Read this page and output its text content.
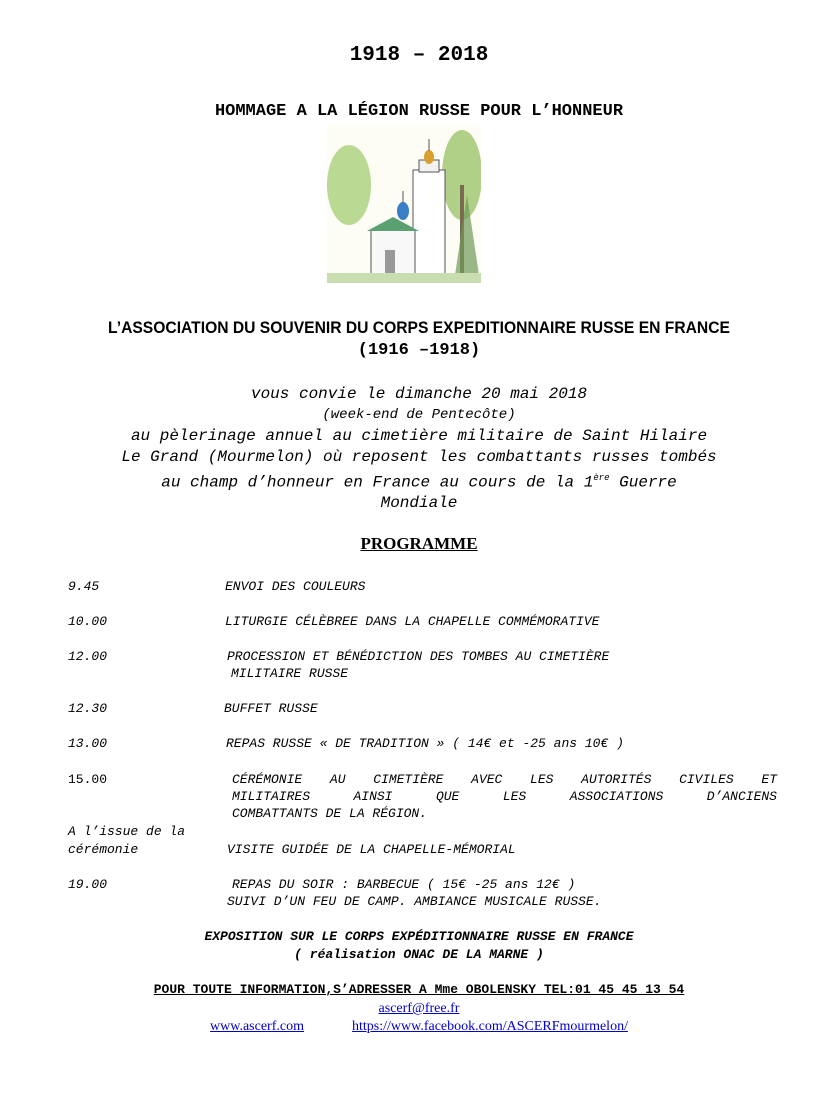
1918 – 2018
HOMMAGE A LA LÉGION RUSSE POUR L’HONNEUR
L’ASSOCIATION DU SOUVENIR DU CORPS EXPEDITIONNAIRE RUSSE EN FRANCE
(1916 –1918)
vous convie le dimanche 20 mai 2018
(week-end de Pentecôte)
au pèlerinage annuel au cimetière militaire de Saint Hilaire
Le Grand (Mourmelon) où reposent les combattants russes tombés
au champ d’honneur en France au cours de la 1ère Guerre
Mondiale
PROGRAMME
9.45	ENVOI DES COULEURS
10.00	LITURGIE CÉLÈBREE DANS LA CHAPELLE COMMÉMORATIVE
12.00	PROCESSION ET BÉNÉDICTION DES TOMBES AU CIMETIÈRE
MILITAIRE RUSSE
12.30	BUFFET RUSSE
13.00	REPAS RUSSE « DE TRADITION » ( 14€ et -25 ans 10€ )
15.00	CÉRÉMONIE AU CIMETIÈRE AVEC LES AUTORITÉS CIVILES ET
MILITAIRES AINSI QUE LES ASSOCIATIONS D’ANCIENS
COMBATTANTS DE LA RÉGION.
A l’issue de la
cérémonie	VISITE GUIDÉE DE LA CHAPELLE-MÉMORIAL
19.00	REPAS DU SOIR : BARBECUE ( 15€ -25 ans 12€ )
SUIVI D’UN FEU DE CAMP. AMBIANCE MUSICALE RUSSE.
EXPOSITION SUR LE CORPS EXPÉDITIONNAIRE RUSSE EN FRANCE
( réalisation ONAC DE LA MARNE )
POUR TOUTE INFORMATION,S’ADRESSER A Mme OBOLENSKY TEL:01 45 45 13 54
ascerf@free.fr
www.ascerf.com	https://www.facebook.com/ASCERFmourmelon/
